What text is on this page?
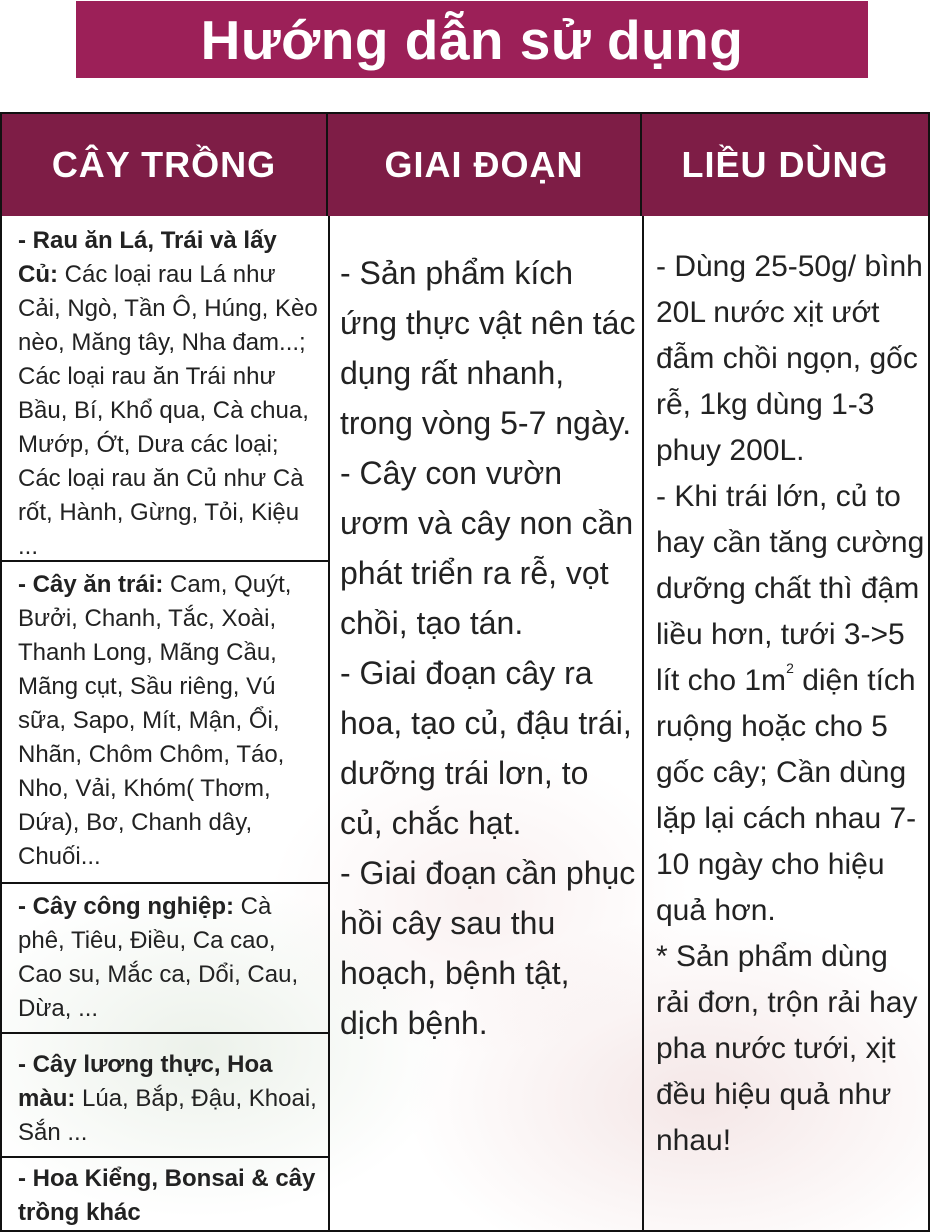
Hướng dẫn sử dụng
CÂY TRỒNG	GIAI ĐOẠN	LIỀU DÙNG
- Rau ăn Lá, Trái và lấy Củ: Các loại rau Lá như Cải, Ngò, Tần Ô, Húng, Kèo nèo, Măng tây, Nha đam...; Các loại rau ăn Trái như Bầu, Bí, Khổ qua, Cà chua, Mướp, Ớt, Dưa các loại; Các loại rau ăn Củ như Cà rốt, Hành, Gừng, Tỏi, Kiệu ...
- Cây ăn trái: Cam, Quýt, Bưởi, Chanh, Tắc, Xoài, Thanh Long, Mãng Cầu, Mãng cụt, Sầu riêng, Vú sữa, Sapo, Mít, Mận, Ổi, Nhãn, Chôm Chôm, Táo, Nho, Vải, Khóm( Thơm, Dứa), Bơ, Chanh dây, Chuối...
- Cây công nghiệp: Cà phê, Tiêu, Điều, Ca cao, Cao su, Mắc ca, Dổi, Cau, Dừa, ...
- Cây lương thực, Hoa màu: Lúa, Bắp, Đậu, Khoai, Sắn ...
- Hoa Kiểng, Bonsai & cây trồng khác
- Sản phẩm kích ứng thực vật nên tác dụng rất nhanh, trong vòng 5-7 ngày.
- Cây con vườn ươm và cây non cần phát triển ra rễ, vọt chồi, tạo tán.
- Giai đoạn cây ra hoa, tạo củ, đậu trái, dưỡng trái lơn, to củ, chắc hạt.
- Giai đoạn cần phục hồi cây sau thu hoạch, bệnh tật, dịch bệnh.
- Dùng 25-50g/ bình 20L nước xịt ướt đẫm chồi ngọn, gốc rễ, 1kg dùng 1-3 phuy 200L.
- Khi trái lớn, củ to hay cần tăng cường dưỡng chất thì đậm liều hơn, tưới 3->5 lít cho $1m^2$ diện tích ruộng hoặc cho 5 gốc cây; Cần dùng lặp lại cách nhau 7-10 ngày cho hiệu quả hơn.
* Sản phẩm dùng rải đơn, trộn rải hay pha nước tưới, xịt đều hiệu quả như nhau!
